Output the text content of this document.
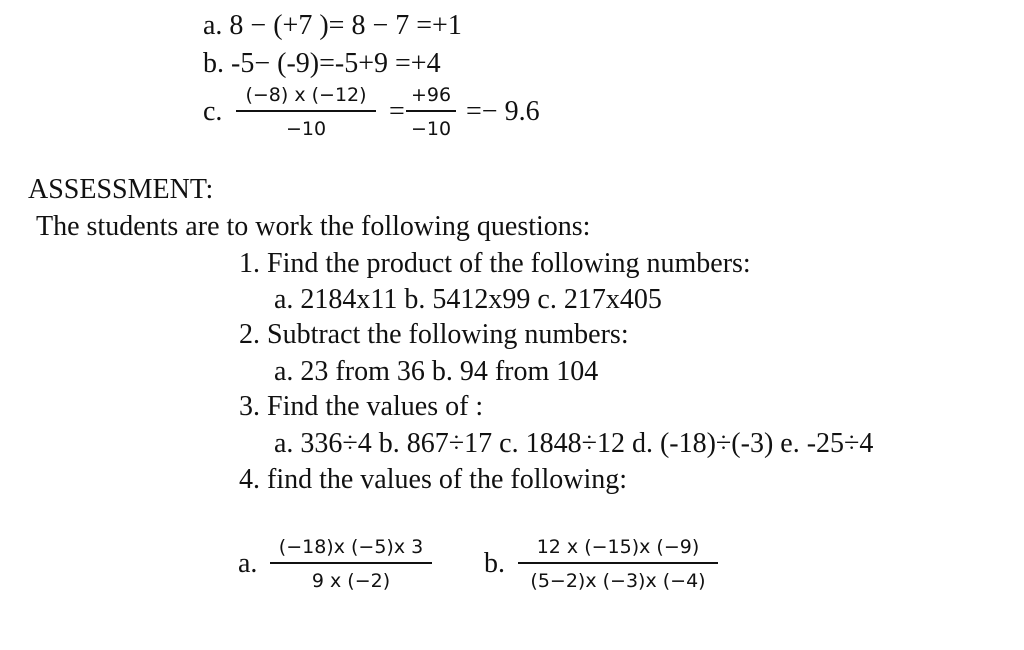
a. 8 − (+7 )= 8 − 7 =+1
b. -5− (-9)=-5+9 =+4
c. $\frac{(-8) x (-12)}{-10} = \frac{+96}{-10} =- 9.6$
ASSESSMENT:
The students are to work the following questions:
1. Find the product of the following numbers:
a. 2184x11 b. 5412x99 c. 217x405
2. Subtract the following numbers:
a. 23 from 36 b. 94 from 104
3. Find the values of :
a. 336÷4 b. 867÷17 c. 1848÷12 d. (-18)÷(-3) e. -25÷4
4. find the values of the following:
a. $\frac{(-18)x (-5)x 3}{9 x (-2)} b$. $\frac{12 x (-15)x (-9)}{(5-2)x (-3)x (-4)}$
